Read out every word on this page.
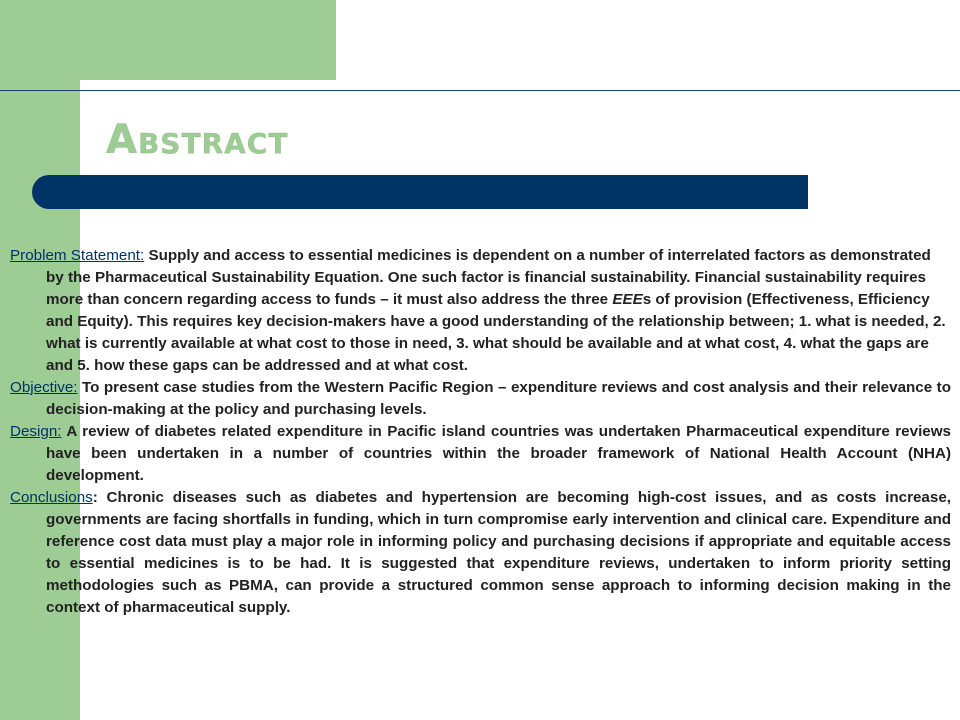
Abstract

Problem Statement: Supply and access to essential medicines is dependent on a number of interrelated factors as demonstrated by the Pharmaceutical Sustainability Equation. One such factor is financial sustainability. Financial sustainability requires more than concern regarding access to funds – it must also address the three EEEs of provision (Effectiveness, Efficiency and Equity). This requires key decision-makers have a good understanding of the relationship between; 1. what is needed, 2. what is currently available at what cost to those in need, 3. what should be available and at what cost, 4. what the gaps are and 5. how these gaps can be addressed and at what cost.

Objective: To present case studies from the Western Pacific Region – expenditure reviews and cost analysis and their relevance to decision-making at the policy and purchasing levels.

Design: A review of diabetes related expenditure in Pacific island countries was undertaken Pharmaceutical expenditure reviews have been undertaken in a number of countries within the broader framework of National Health Account (NHA) development.

Conclusions: Chronic diseases such as diabetes and hypertension are becoming high-cost issues, and as costs increase, governments are facing shortfalls in funding, which in turn compromise early intervention and clinical care. Expenditure and reference cost data must play a major role in informing policy and purchasing decisions if appropriate and equitable access to essential medicines is to be had. It is suggested that expenditure reviews, undertaken to inform priority setting methodologies such as PBMA, can provide a structured common sense approach to informing decision making in the context of pharmaceutical supply.
